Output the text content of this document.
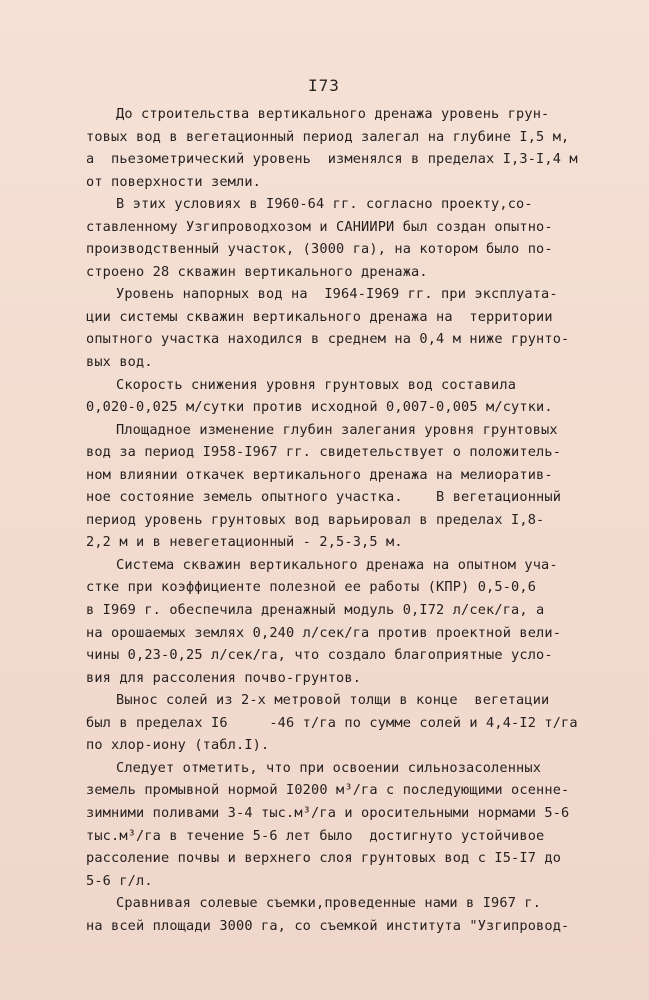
I73
До строительства вертикального дренажа уровень грун-
товых вод в вегетационный период залегал на глубине I,5 м,
а  пьезометрический уровень  изменялся в пределах I,3-I,4 м
от поверхности земли.
В этих условиях в I960-64 гг. согласно проекту,со-
ставленному Узгипроводхозом и САНИИРИ был создан опытно-
производственный участок, (3000 га), на котором было по-
строено 28 скважин вертикального дренажа.
Уровень напорных вод на  I964-I969 гг. при эксплуата-
ции системы скважин вертикального дренажа на  территории
опытного участка находился в среднем на 0,4 м ниже грунто-
вых вод.
Скорость снижения уровня грунтовых вод составила
0,020-0,025 м/сутки против исходной 0,007-0,005 м/сутки.
Площадное изменение глубин залегания уровня грунтовых
вод за период I958-I967 гг. свидетельствует о положитель-
ном влиянии откачек вертикального дренажа на мелиоратив-
ное состояние земель опытного участка.    В вегетационный
период уровень грунтовых вод варьировал в пределах I,8-
2,2 м и в невегетационный - 2,5-3,5 м.
Система скважин вертикального дренажа на опытном уча-
стке при коэффициенте полезной ее работы (КПР) 0,5-0,6
в I969 г. обеспечила дренажный модуль 0,I72 л/сек/га, а
на орошаемых землях 0,240 л/сек/га против проектной вели-
чины 0,23-0,25 л/сек/га, что создало благоприятные усло-
вия для рассоления почво-грунтов.
Вынос солей из 2-х метровой толщи в конце  вегетации
был в пределах I6     -46 т/га по сумме солей и 4,4-I2 т/га
по хлор-иону (табл.I).
Следует отметить, что при освоении сильнозасоленных
земель промывной нормой I0200 м³/га с последующими осенне-
зимними поливами 3-4 тыс.м³/га и оросительными нормами 5-6
тыс.м³/га в течение 5-6 лет было  достигнуто устойчивое
рассоление почвы и верхнего слоя грунтовых вод с I5-I7 до
5-6 г/л.
Сравнивая солевые съемки,проведенные нами в I967 г.
на всей площади 3000 га, со съемкой института "Узгипровод-
